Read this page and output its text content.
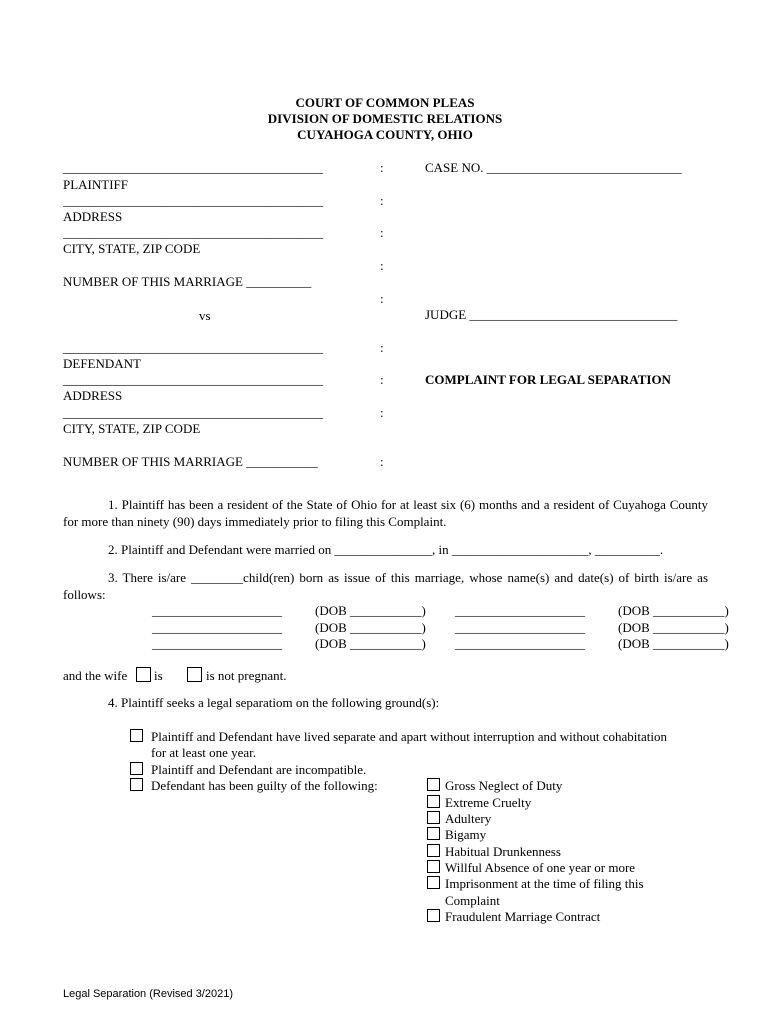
COURT OF COMMON PLEAS
DIVISION OF DOMESTIC RELATIONS
CUYAHOGA COUNTY, OHIO
________________________________________
PLAINTIFF
________________________________________
ADDRESS
________________________________________
CITY, STATE, ZIP CODE
NUMBER OF THIS MARRIAGE __________
vs
________________________________________
DEFENDANT
________________________________________
ADDRESS
________________________________________
CITY, STATE, ZIP CODE
NUMBER OF THIS MARRIAGE ___________
:
:
:
:
:
:
:
:
:
CASE NO. ______________________________
JUDGE ________________________________
COMPLAINT FOR LEGAL SEPARATION
1. Plaintiff has been a resident of the State of Ohio for at least six (6) months and a resident of Cuyahoga County for more than ninety (90) days immediately prior to filing this Complaint.
2. Plaintiff and Defendant were married on _______________, in _____________________, __________.
3. There is/are ________child(ren) born as issue of this marriage, whose name(s) and date(s) of birth is/are as follows:
____________________	(DOB ___________) ____________________	(DOB ___________)
____________________	(DOB ___________) ____________________	(DOB ___________)
____________________	(DOB ___________) ____________________	(DOB ___________)
and the wife is	is not pregnant.
4. Plaintiff seeks a legal separatiom on the following ground(s):
Plaintiff and Defendant have lived separate and apart without interruption and without cohabitation
for at least one year.
Plaintiff and Defendant are incompatible.
Defendant has been guilty of the following:	Gross Neglect of Duty
Extreme Cruelty
Adultery
Bigamy
Habitual Drunkenness
Willful Absence of one year or more
Imprisonment at the time of filing this
Complaint
Fraudulent Marriage Contract
Legal Separation (Revised 3/2021)
